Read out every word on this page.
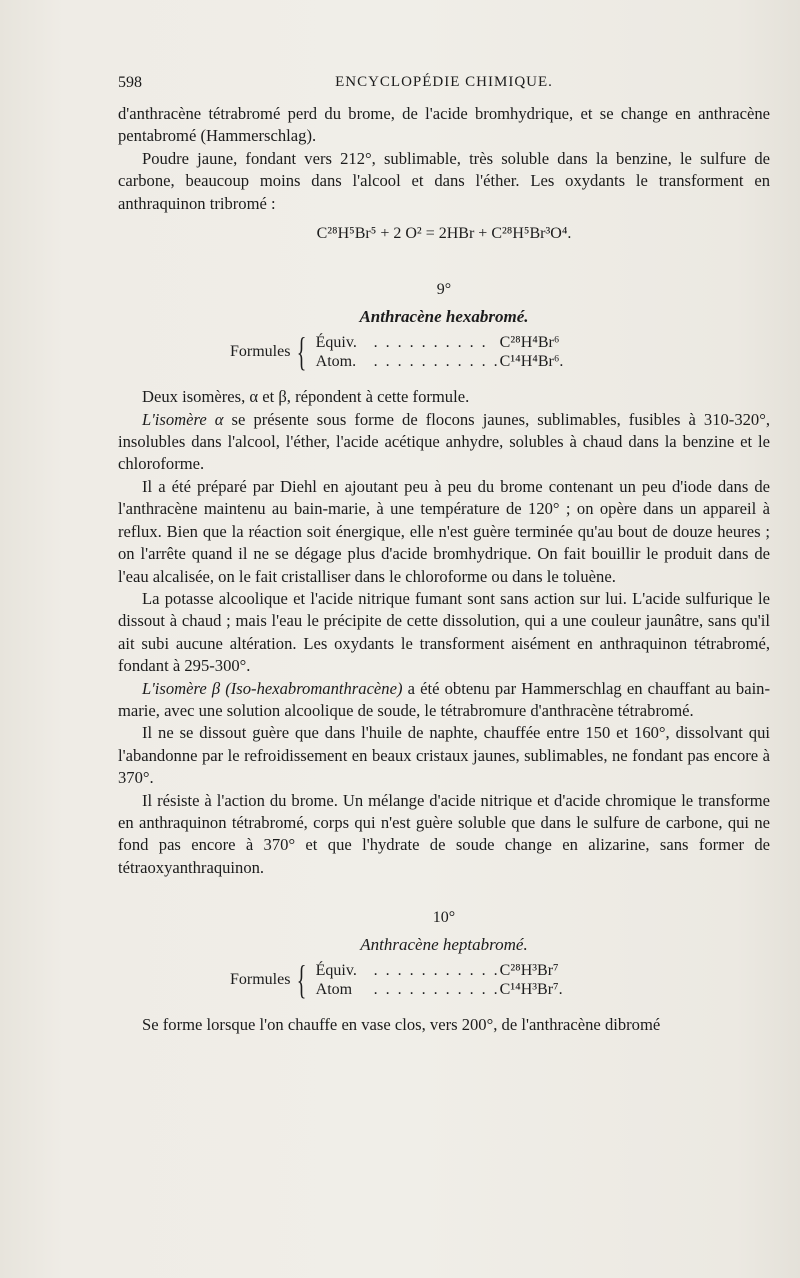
598	ENCYCLOPÉDIE CHIMIQUE.

d'anthracène tétrabromé perd du brome, de l'acide bromhydrique, et se change en anthracène pentabromé (Hammerschlag).

Poudre jaune, fondant vers 212°, sublimable, très soluble dans la benzine, le sulfure de carbone, beaucoup moins dans l'alcool et dans l'éther. Les oxydants le transforment en anthraquinon tribromé :

C²⁸H⁵Br⁵ + 2 O² = 2HBr + C²⁸H⁵Br³O⁴.
9°
Anthracène hexabromé.
Formules { Équiv.	. . . . . . . . . . C²⁸H⁴Br⁶
Atom.	. . . . . . . . . . . C¹⁴H⁴Br⁶.

Deux isomères, α et β, répondent à cette formule.

L'isomère α se présente sous forme de flocons jaunes, sublimables, fusibles à 310-320°, insolubles dans l'alcool, l'éther, l'acide acétique anhydre, solubles à chaud dans la benzine et le chloroforme.

Il a été préparé par Diehl en ajoutant peu à peu du brome contenant un peu d'iode dans de l'anthracène maintenu au bain-marie, à une température de 120° ; on opère dans un appareil à reflux. Bien que la réaction soit énergique, elle n'est guère terminée qu'au bout de douze heures ; on l'arrête quand il ne se dégage plus d'acide bromhydrique. On fait bouillir le produit dans de l'eau alcalisée, on le fait cristalliser dans le chloroforme ou dans le toluène.

La potasse alcoolique et l'acide nitrique fumant sont sans action sur lui. L'acide sulfurique le dissout à chaud ; mais l'eau le précipite de cette dissolution, qui a une couleur jaunâtre, sans qu'il ait subi aucune altération. Les oxydants le transforment aisément en anthraquinon tétrabromé, fondant à 295-300°.

L'isomère β (Iso-hexabromanthracène) a été obtenu par Hammerschlag en chauffant au bain-marie, avec une solution alcoolique de soude, le tétrabromure d'anthracène tétrabromé.

Il ne se dissout guère que dans l'huile de naphte, chauffée entre 150 et 160°, dissolvant qui l'abandonne par le refroidissement en beaux cristaux jaunes, sublimables, ne fondant pas encore à 370°.

Il résiste à l'action du brome. Un mélange d'acide nitrique et d'acide chromique le transforme en anthraquinon tétrabromé, corps qui n'est guère soluble que dans le sulfure de carbone, qui ne fond pas encore à 370° et que l'hydrate de soude change en alizarine, sans former de tétraoxyanthraquinon.

10°
Anthracène heptabromé.
Formules { Équiv.	. . . . . . . . . . . C²⁸H³Br⁷
Atom	. . . . . . . . . . . C¹⁴H³Br⁷.

Se forme lorsque l'on chauffe en vase clos, vers 200°, de l'anthracène dibromé
